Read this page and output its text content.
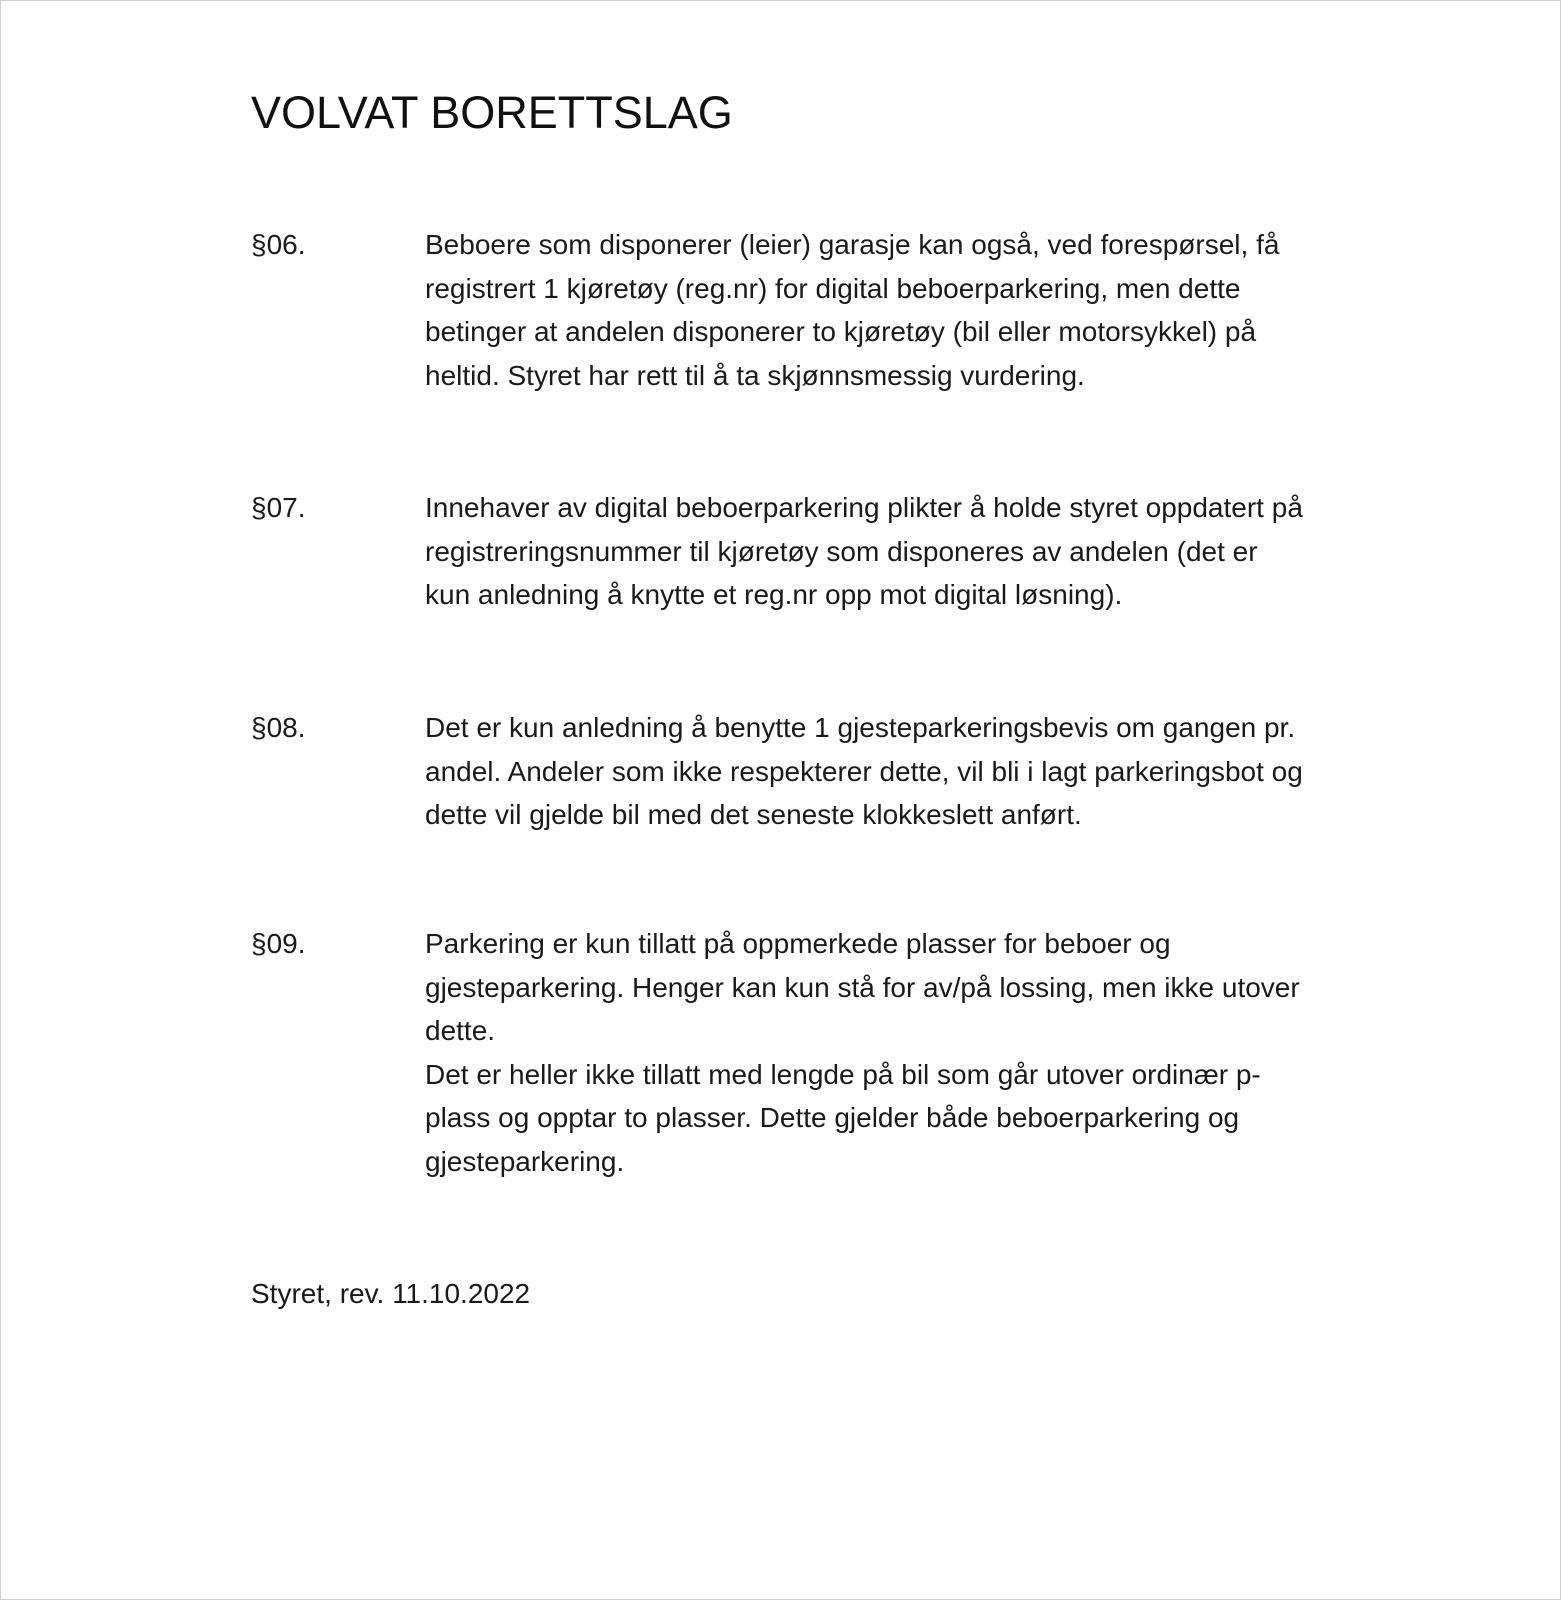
VOLVAT BORETTSLAG
§06.	Beboere som disponerer (leier) garasje kan også, ved forespørsel, få registrert 1 kjøretøy (reg.nr) for digital beboerparkering, men dette betinger at andelen disponerer to kjøretøy (bil eller motorsykkel) på heltid. Styret har rett til å ta skjønnsmessig vurdering.

§07.	Innehaver av digital beboerparkering plikter å holde styret oppdatert på registreringsnummer til kjøretøy som disponeres av andelen (det er kun anledning å knytte et reg.nr opp mot digital løsning).

§08.	Det er kun anledning å benytte 1 gjesteparkeringsbevis om gangen pr. andel. Andeler som ikke respekterer dette, vil bli i lagt parkeringsbot og dette vil gjelde bil med det seneste klokkeslett anført.

§09.	Parkering er kun tillatt på oppmerkede plasser for beboer og gjesteparkering. Henger kan kun stå for av/på lossing, men ikke utover dette.

Det er heller ikke tillatt med lengde på bil som går utover ordinær p-plass og opptar to plasser. Dette gjelder både beboerparkering og gjesteparkering.

Styret, rev. 11.10.2022
